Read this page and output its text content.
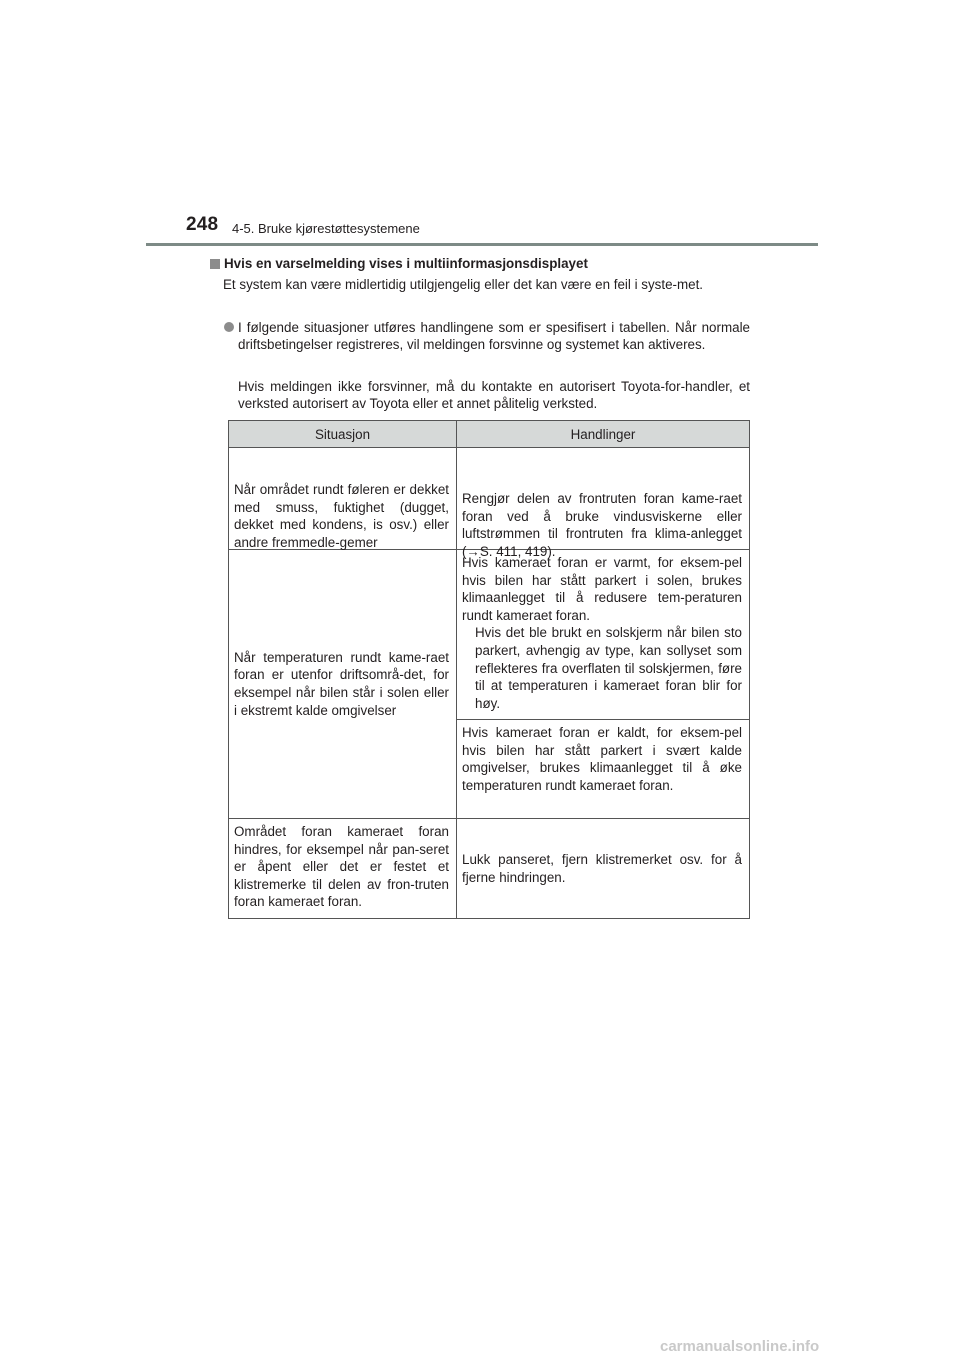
248 4-5. Bruke kjørestøttesystemene
Hvis en varselmelding vises i multiinformasjonsdisplayet
Et system kan være midlertidig utilgjengelig eller det kan være en feil i syste-met.
I følgende situasjoner utføres handlingene som er spesifisert i tabellen. Når normale driftsbetingelser registreres, vil meldingen forsvinne og systemet kan aktiveres.
Hvis meldingen ikke forsvinner, må du kontakte en autorisert Toyota-for-handler, et verksted autorisert av Toyota eller et annet pålitelig verksted.
Situasjon	Handlinger
Når området rundt føleren er dekket med smuss, fuktighet (dugget, dekket med kondens, is osv.) eller andre fremmedle-gemer
Rengjør delen av frontruten foran kame-raet foran ved å bruke vindusviskerne eller luftstrømmen til frontruten fra klima-anlegget (→S. 411, 419).
Når temperaturen rundt kame-raet foran er utenfor driftsområ-det, for eksempel når bilen står i solen eller i ekstremt kalde omgivelser
Hvis kameraet foran er varmt, for eksem-pel hvis bilen har stått parkert i solen, brukes klimaanlegget til å redusere tem-peraturen rundt kameraet foran.
Hvis det ble brukt en solskjerm når bilen sto parkert, avhengig av type, kan sollyset som reflekteres fra overflaten til solskjermen, føre til at temperaturen i kameraet foran blir for høy.
Hvis kameraet foran er kaldt, for eksem-pel hvis bilen har stått parkert i svært kalde omgivelser, brukes klimaanlegget til å øke temperaturen rundt kameraet foran.
Området foran kameraet foran hindres, for eksempel når pan-seret er åpent eller det er festet et klistremerke til delen av fron-truten foran kameraet foran.
Lukk panseret, fjern klistremerket osv. for å fjerne hindringen.
carmanualsonline.info
